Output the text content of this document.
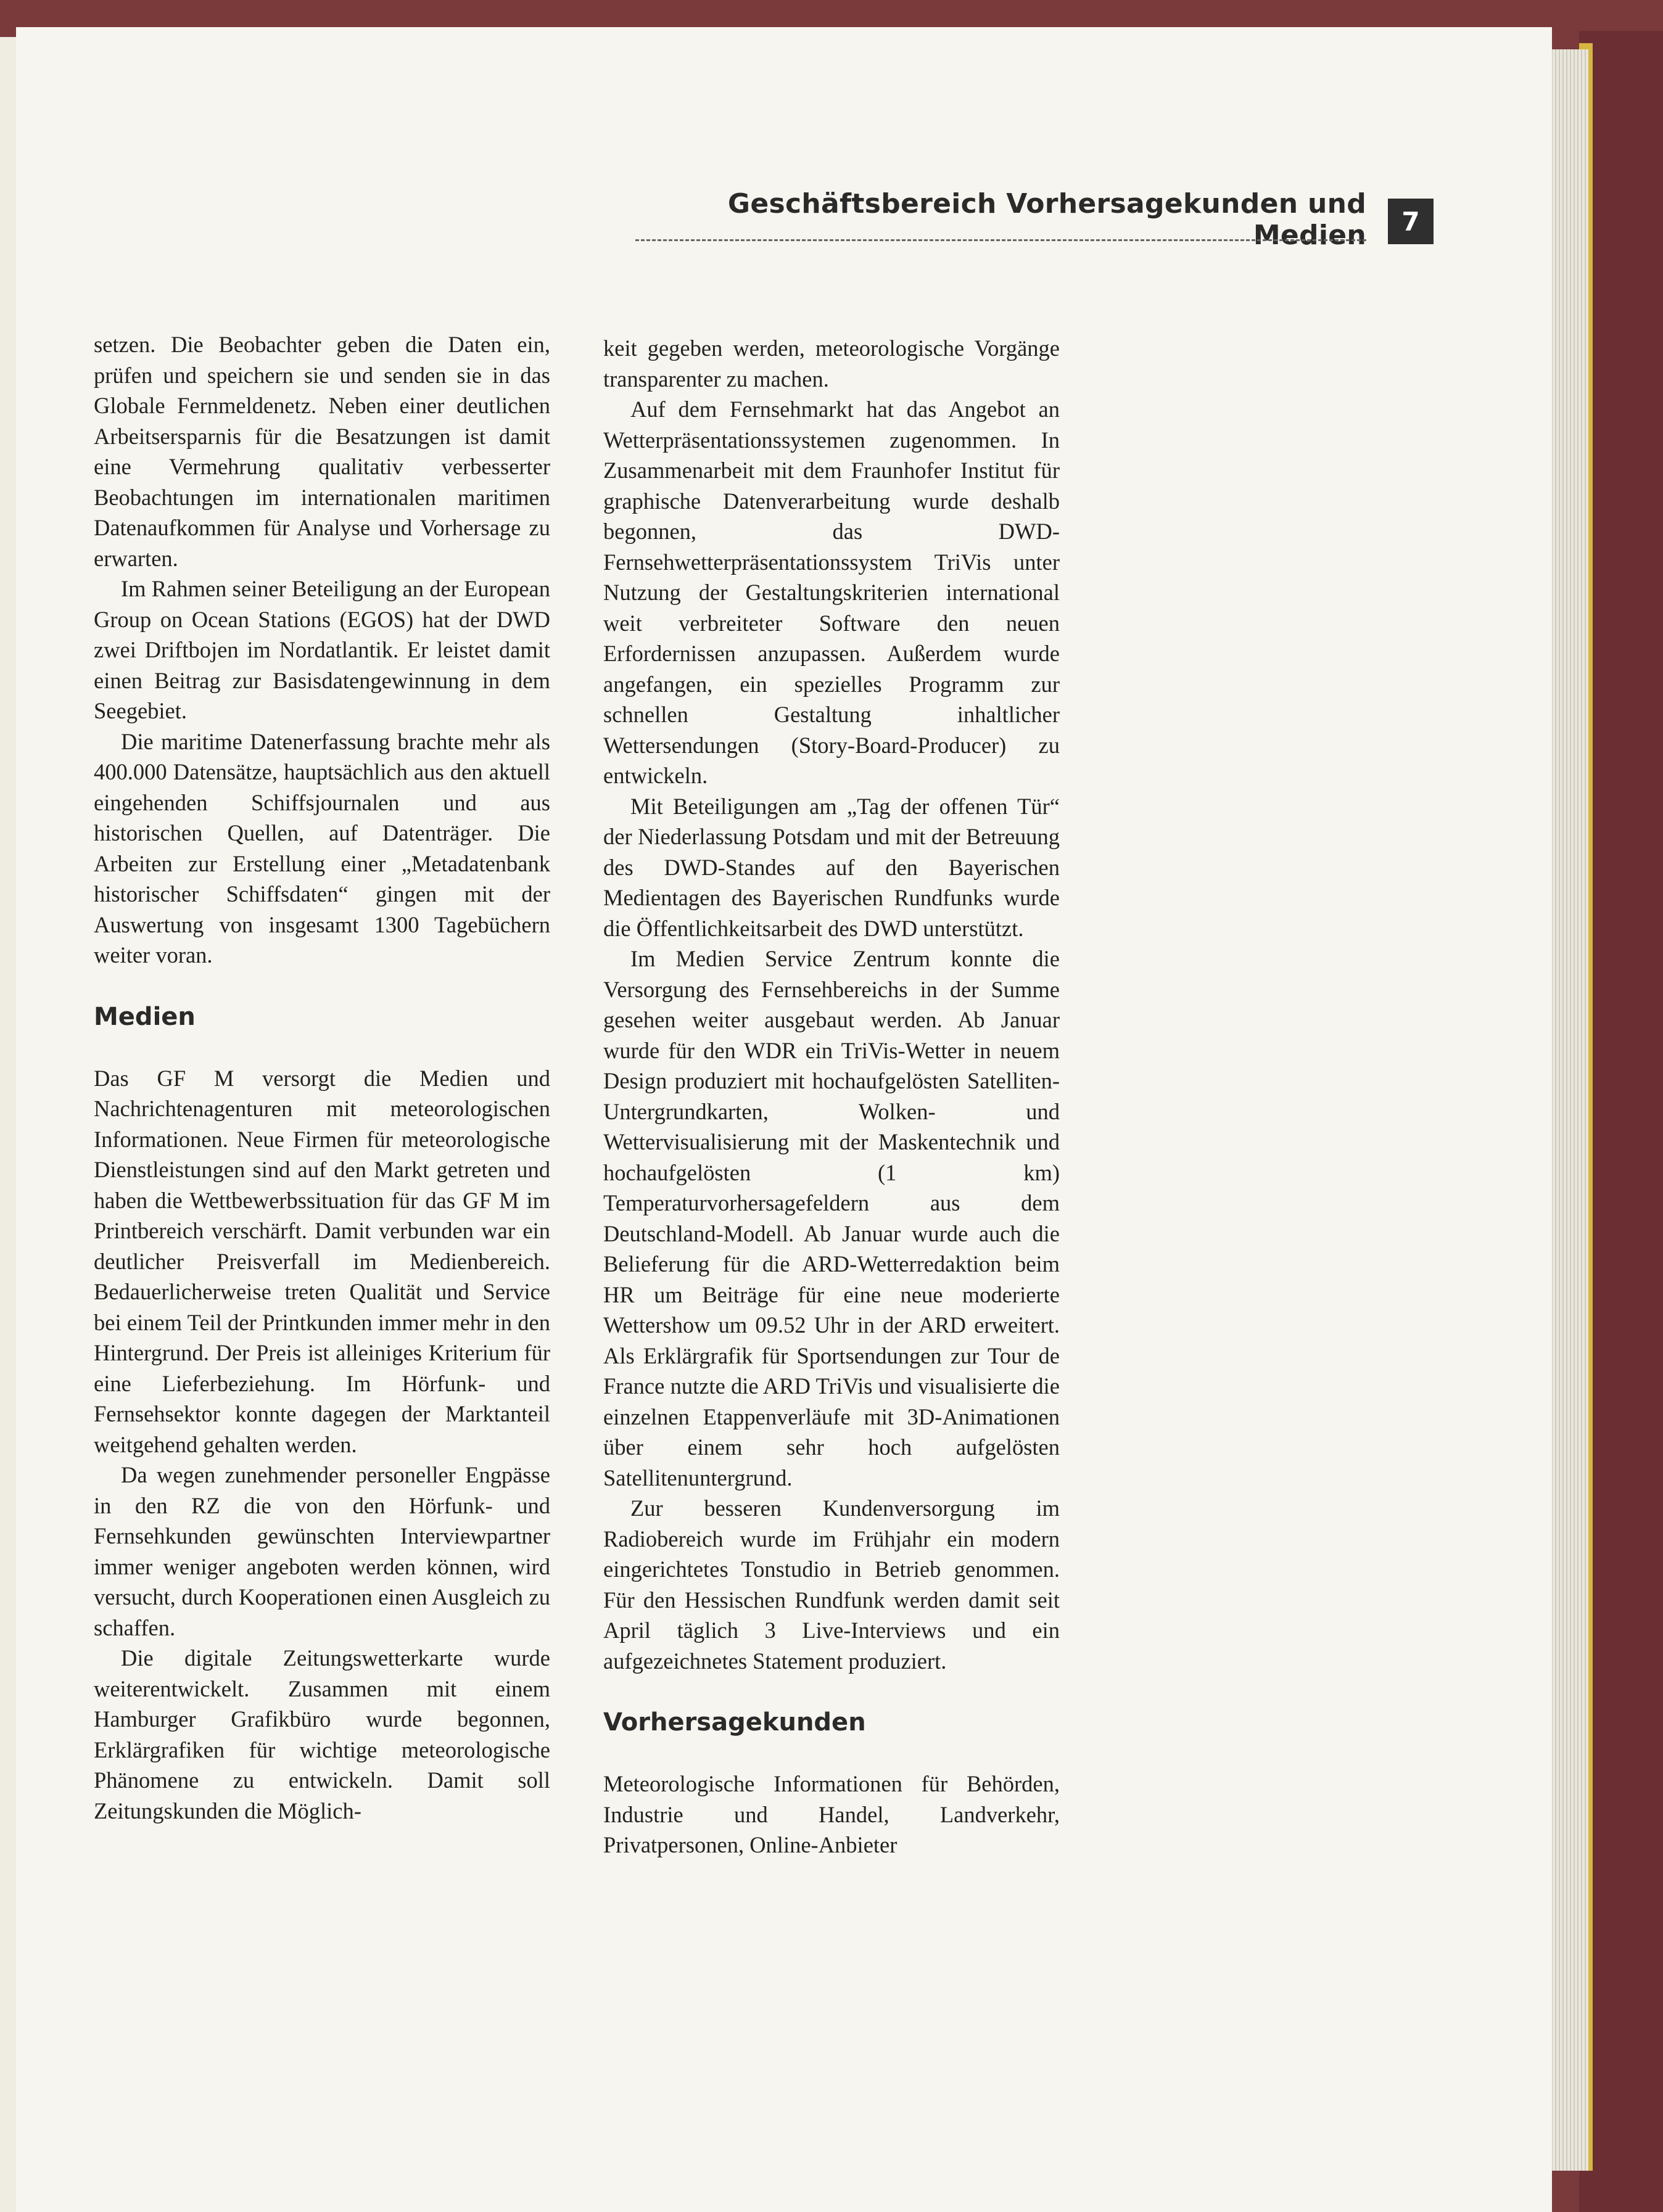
Geschäftsbereich Vorhersagekunden und Medien	7

setzen. Die Beobachter geben die Daten ein, prüfen und speichern sie und senden sie in das Globale Fernmeldenetz. Neben einer deutlichen Arbeitsersparnis für die Besatzungen ist damit eine Vermehrung qualitativ verbesserter Beobachtungen im internationalen maritimen Datenaufkommen für Analyse und Vorhersage zu erwarten.

Im Rahmen seiner Beteiligung an der European Group on Ocean Stations (EGOS) hat der DWD zwei Driftbojen im Nordatlantik. Er leistet damit einen Beitrag zur Basisdatengewinnung in dem Seegebiet.

Die maritime Datenerfassung brachte mehr als 400.000 Datensätze, hauptsächlich aus den aktuell eingehenden Schiffsjournalen und aus historischen Quellen, auf Datenträger. Die Arbeiten zur Erstellung einer „Metadatenbank historischer Schiffsdaten“ gingen mit der Auswertung von insgesamt 1300 Tagebüchern weiter voran.

Medien

Das GF M versorgt die Medien und Nachrichtenagenturen mit meteorologischen Informationen. Neue Firmen für meteorologische Dienstleistungen sind auf den Markt getreten und haben die Wettbewerbssituation für das GF M im Printbereich verschärft. Damit verbunden war ein deutlicher Preisverfall im Medienbereich. Bedauerlicherweise treten Qualität und Service bei einem Teil der Printkunden immer mehr in den Hintergrund. Der Preis ist alleiniges Kriterium für eine Lieferbeziehung. Im Hörfunk- und Fernsehsektor konnte dagegen der Marktanteil weitgehend gehalten werden.

Da wegen zunehmender personeller Engpässe in den RZ die von den Hörfunk- und Fernsehkunden gewünschten Interviewpartner immer weniger angeboten werden können, wird versucht, durch Kooperationen einen Ausgleich zu schaffen.

Die digitale Zeitungswetterkarte wurde weiterentwickelt. Zusammen mit einem Hamburger Grafikbüro wurde begonnen, Erklärgrafiken für wichtige meteorologische Phänomene zu entwickeln. Damit soll Zeitungskunden die Möglich-

keit gegeben werden, meteorologische Vorgänge transparenter zu machen.

Auf dem Fernsehmarkt hat das Angebot an Wetterpräsentationssystemen zugenommen. In Zusammenarbeit mit dem Fraunhofer Institut für graphische Datenverarbeitung wurde deshalb begonnen, das DWD-Fernsehwetterpräsentationssystem TriVis unter Nutzung der Gestaltungskriterien international weit verbreiteter Software den neuen Erfordernissen anzupassen. Außerdem wurde angefangen, ein spezielles Programm zur schnellen Gestaltung inhaltlicher Wettersendungen (Story-Board-Producer) zu entwickeln.

Mit Beteiligungen am „Tag der offenen Tür“ der Niederlassung Potsdam und mit der Betreuung des DWD-Standes auf den Bayerischen Medientagen des Bayerischen Rundfunks wurde die Öffentlichkeitsarbeit des DWD unterstützt.

Im Medien Service Zentrum konnte die Versorgung des Fernsehbereichs in der Summe gesehen weiter ausgebaut werden. Ab Januar wurde für den WDR ein TriVis-Wetter in neuem Design produziert mit hochaufgelösten Satelliten-Untergrundkarten, Wolken- und Wettervisualisierung mit der Maskentechnik und hochaufgelösten (1 km) Temperaturvorhersagefeldern aus dem Deutschland-Modell. Ab Januar wurde auch die Belieferung für die ARD-Wetterredaktion beim HR um Beiträge für eine neue moderierte Wettershow um 09.52 Uhr in der ARD erweitert. Als Erklärgrafik für Sportsendungen zur Tour de France nutzte die ARD TriVis und visualisierte die einzelnen Etappenverläufe mit 3D-Animationen über einem sehr hoch aufgelösten Satellitenuntergrund.

Zur besseren Kundenversorgung im Radiobereich wurde im Frühjahr ein modern eingerichtetes Tonstudio in Betrieb genommen. Für den Hessischen Rundfunk werden damit seit April täglich 3 Live-Interviews und ein aufgezeichnetes Statement produziert.

Vorhersagekunden

Meteorologische Informationen für Behörden, Industrie und Handel, Landverkehr, Privatpersonen, Online-Anbieter
